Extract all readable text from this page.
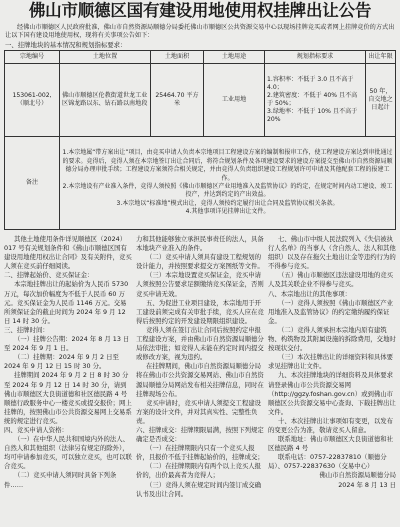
佛山市顺德区国有建设用地使用权挂牌出让公告

经佛山市顺德区人民政府批准，佛山市自然资源局顺德分局委托佛山市顺德区公共资源交易中心以现场挂牌竞买或者网上挂牌竞价的方式出让以下国有建设用地使用权，现将有关事项公告如下：

一、挂牌地块的基本情况和规划指标要求：
宗地编号	土地位置	土地面积	土地用途	规划指标要求	出让年限
153061-002,（顺北号）	佛山市顺德区伦教街道世龙工业区锦龙路以东、钻石路以南地段	25464.70 平方米	工业用地	1.容积率：不低于 3.0 且不高于 4.0；
2.建筑密度：不低于 40% 且不高于 50%；
3.绿地率：不低于 10% 且不高于 20%	50 年，自交地之日起计
备注	1.本宗地属“带方案出让”项目，由竞买申请人负责本宗地项目工程建设方案的编制和报审工作，使工程建设方案达到审批通过的要求。竞得后，竞得人须在本宗地签订出让合同后，将符合规划条件及各项建设要求的建设方案提交至佛山市自然资源局顺德分局办理审批手续；工程建设方案须符合相关规定，并由竞得人负责组织建设工程规划许可申请及其他配套工程的报建工作。
2.本宗地设有产业准入条件，竞得人须按照《佛山市顺德区产业用地准入及监管协议》的约定，在规定时间内动工建设、竣工投产，并达到约定的产出效益。
3.本宗地以“标准地”模式出让，竞得人须按约定履行出让合同及监管协议相关条款。
4.其他事项详见挂牌出让文件。				
其他土地使用条件详见顺德区（2024）017 号有关规划条件和《佛山市顺德区国有建设用地使用权出让合同》及有关附件，竞买人须在竞买前仔细阅读。
二、挂牌起始价、竞买保证金：
本宗地挂牌出让的起始价为人民币 5730 万元，每次加价幅度为不低于人民币 60 万元。竞买保证金为人民币 1146 万元。交易所须保证金的截止时间为 2024 年 9 月 12 日 14 时 30 分。
三、挂牌时间：
（一）挂牌公告期：2024 年 8 月 13 日至 2024 年 9 月 1 日。
（二）挂牌期：2024 年 9 月 2 日至 2024 年 9 月 12 日 15 时 30 分。
挂牌期间 2024 年 9 月 2 日 8 时 30 分至 2024 年 9 月 12 日 14 时 30 分，请到佛山市顺德区大良街道德和社区德民路 4 号顺德行政服务中心一楼竞买或提交报价；网上挂牌的，按照佛山市公共资源交易网上交易系统的规定进行竞买。
四、竞买申请人资格：
（一）在中华人民共和国境内外的法人、自然人和其他组织（法律另有规定的除外），均可申请参加竞买，可以独立竞买，也可以联合竞买。
（二）竞买申请人须同时具备下列条件……
力和其他能够独立承担民事责任的法人，具备本地块产业准入的条件。
（二）竞买申请人须具有建设工程规划的设计能力，并按照要求提交方案图纸等文件。
（三）本宗地设置竞买保证金，竞买申请人须按照公告要求足额缴纳竞买保证金，否则竞买申请无效。
五、为促进工业项目建设，本宗地用于开工建设前须完成有关审批手续，竞买人应在竞得后按照约定的开发建设期限组织建设。
竞得人须在签订出让合同后按照约定申报工程建设方案，并由佛山市自然资源局顺德分局依法审批；如竞得人未能在约定时间内提交或修改方案，视为违约。
在挂牌期间，佛山市自然资源局顺德分局将在佛山市公共资源交易网站、佛山市自然资源局顺德分局网站发布相关挂牌信息，同时在挂牌现场公布。
竞买申请时，竞买申请人须提交工程建设方案的设计文件，并对其真实性、完整性负责。
六、挂牌成交：挂牌期限届满，按照下列规定确定是否成交：
（一）在挂牌期限内只有一个竞买人报价，且报价不低于挂牌起始价的，挂牌成交；
（二）在挂牌期限内有两个以上竞买人报价的，出价最高者为竞得人；
（三）竞得人须在规定时间内签订成交确认书及出让合同。
七、佛山市中级人民法院列入《失信被执行人名单》的当事人（含自然人、法人和其他组织）以及存在拖欠土地出让金等违约行为的不得参与竞买。
（五）佛山市顺德区违法建设用地的竞买人及其关联企业不得参与竞买。
八、本宗地出让的其他事项：
（一）竞得人须按照《佛山市顺德区产业用地准入及监管协议》的约定缴纳履约保证金。
（二）竞得人须承担本宗地内原有建筑物、构筑物及其附属设施的拆除费用，交地时按现状交付。
（三）本次挂牌出让的详细资料和具体要求见挂牌出让文件。
九、本次挂牌地块的详细资料及具体要求请登录佛山市公共资源交易网（http://ggzy.foshan.gov.cn）或到佛山市顺德区公共资源交易中心查询、下载挂牌出让文件。
十、本次挂牌出让事项如有变更，以发布的变更公告为准，敬请竞买人留意。
联系地址：佛山市顺德区大良街道德和社区德民路 4 号
联系电话：0757-22837810（顺德分局）、0757-22837630（交易中心）
佛山市自然资源局顺德分局
2024 年 8 月 13 日
